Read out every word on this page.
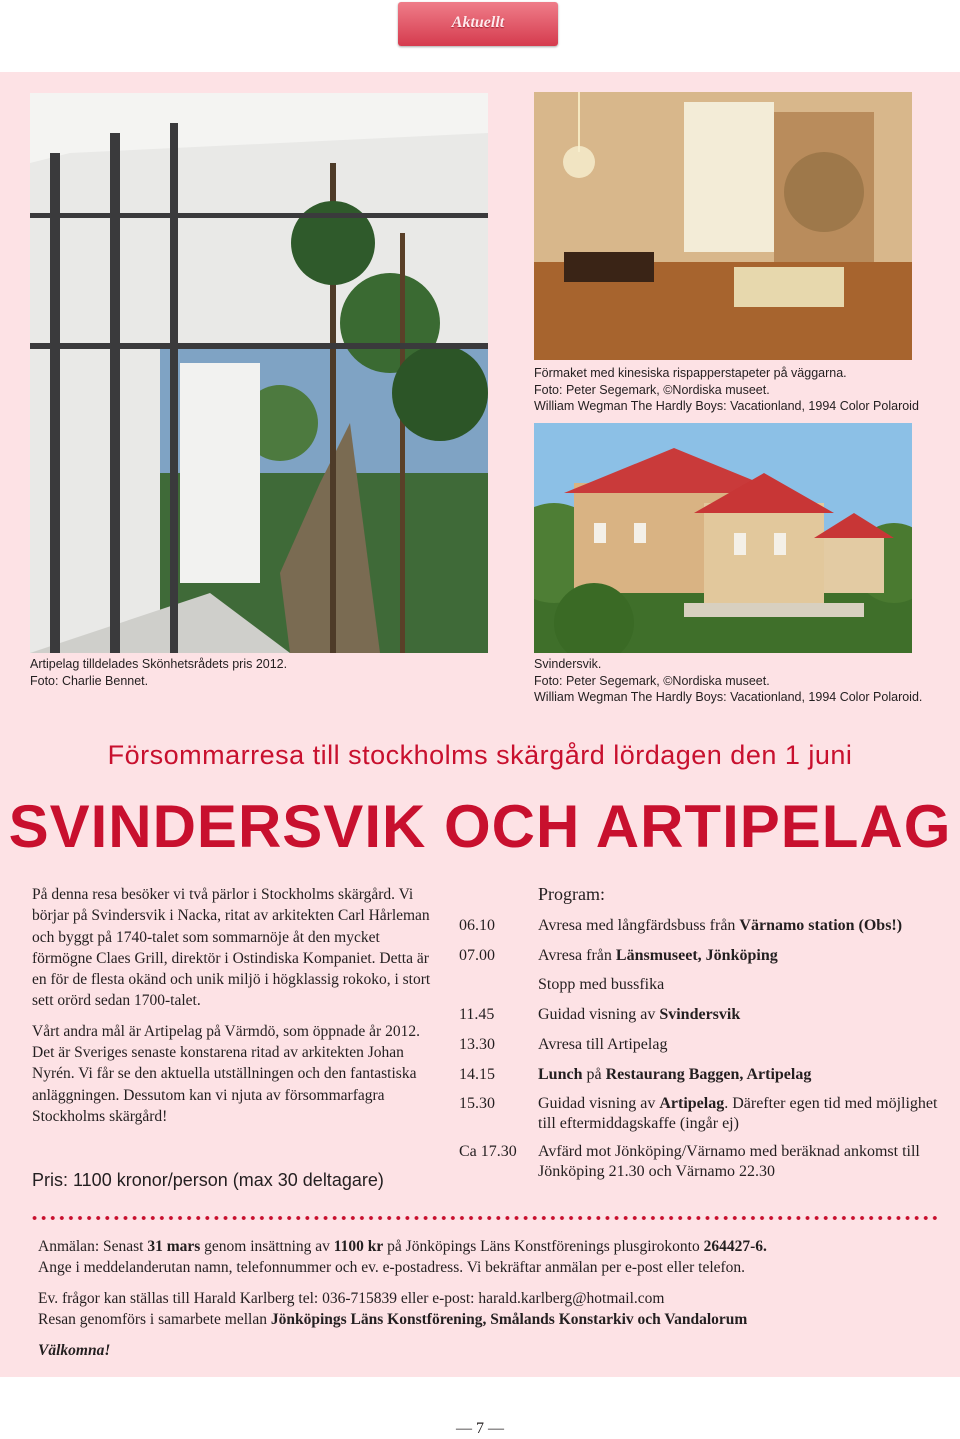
Aktuellt
Artipelag tilldelades Skönhetsrådets pris 2012.
Foto: Charlie Bennet.
Förmaket med kinesiska rispapperstapeter på väggarna.
Foto: Peter Segemark, ©Nordiska museet.
William Wegman The Hardly Boys: Vacationland, 1994 Color Polaroid
Svindersvik.
Foto: Peter Segemark, ©Nordiska museet.
William Wegman The Hardly Boys: Vacationland, 1994 Color Polaroid.
Försommarresa till stockholms skärgård lördagen den 1 juni
SVINDERSVIK OCH ARTIPELAG

På denna resa besöker vi två pärlor i Stockholms skärgård. Vi börjar på Svindersvik i Nacka, ritat av arkitekten Carl Hårleman och byggt på 1740-talet som sommarnöje åt den mycket förmögne Claes Grill, direktör i Ostindiska Kompaniet. Detta är en för de flesta okänd och unik miljö i högklassig rokoko, i stort sett orörd sedan 1700-talet.

Vårt andra mål är Artipelag på Värmdö, som öppnade år 2012. Det är Sveriges senaste konstarena ritad av arkitekten Johan Nyrén. Vi får se den aktuella utställningen och den fantastiska anläggningen. Dessutom kan vi njuta av försommarfagra Stockholms skärgård!

Pris: 1100 kronor/person (max 30 deltagare)
Program:
06.10	Avresa med långfärdsbuss från Värnamo station (Obs!)
07.00	Avresa från Länsmuseet, Jönköping
Stopp med bussfika
11.45	Guidad visning av Svindersvik
13.30	Avresa till Artipelag
14.15	Lunch på Restaurang Baggen, Artipelag
15.30	Guidad visning av Artipelag. Därefter egen tid med möjlighet till eftermiddagskaffe (ingår ej)
Ca 17.30 Avfärd mot Jönköping/Värnamo med beräknad ankomst till Jönköping 21.30 och Värnamo 22.30
Anmälan: Senast 31 mars genom insättning av 1100 kr på Jönköpings Läns Konstförenings plusgirokonto 264427-6.
Ange i meddelanderutan namn, telefonnummer och ev. e-postadress. Vi bekräftar anmälan per e-post eller telefon.
Ev. frågor kan ställas till Harald Karlberg tel: 036-715839 eller e-post: harald.karlberg@hotmail.com
Resan genomförs i samarbete mellan Jönköpings Läns Konstförening, Smålands Konstarkiv och Vandalorum
Välkomna!
— 7 —
